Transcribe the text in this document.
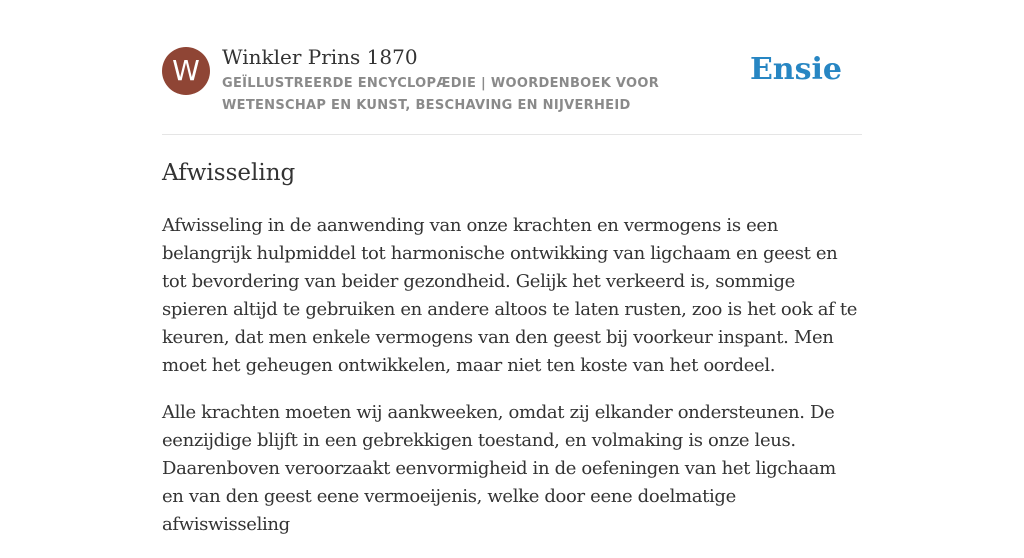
W	Winkler Prins 1870
GEÏLLUSTREERDE ENCYCLOPÆDIE | WOORDENBOEK VOOR WETENSCHAP EN KUNST, BESCHAVING EN NIJVERHEID
Ensie
Afwisseling

Afwisseling in de aanwending van onze krachten en vermogens is een belangrijk hulpmiddel tot harmonische ontwikking van ligchaam en geest en tot bevordering van beider gezondheid. Gelijk het verkeerd is, sommige spieren altijd te gebruiken en andere altoos te laten rusten, zoo is het ook af te keuren, dat men enkele vermogens van den geest bij voorkeur inspant. Men moet het geheugen ontwikkelen, maar niet ten koste van het oordeel.

Alle krachten moeten wij aankweeken, omdat zij elkander ondersteunen. De eenzijdige blijft in een gebrekkigen toestand, en volmaking is onze leus. Daarenboven veroorzaakt eenvormigheid in de oefeningen van het ligchaam en van den geest eene vermoeijenis, welke door eene doelmatige afwiswisseling
